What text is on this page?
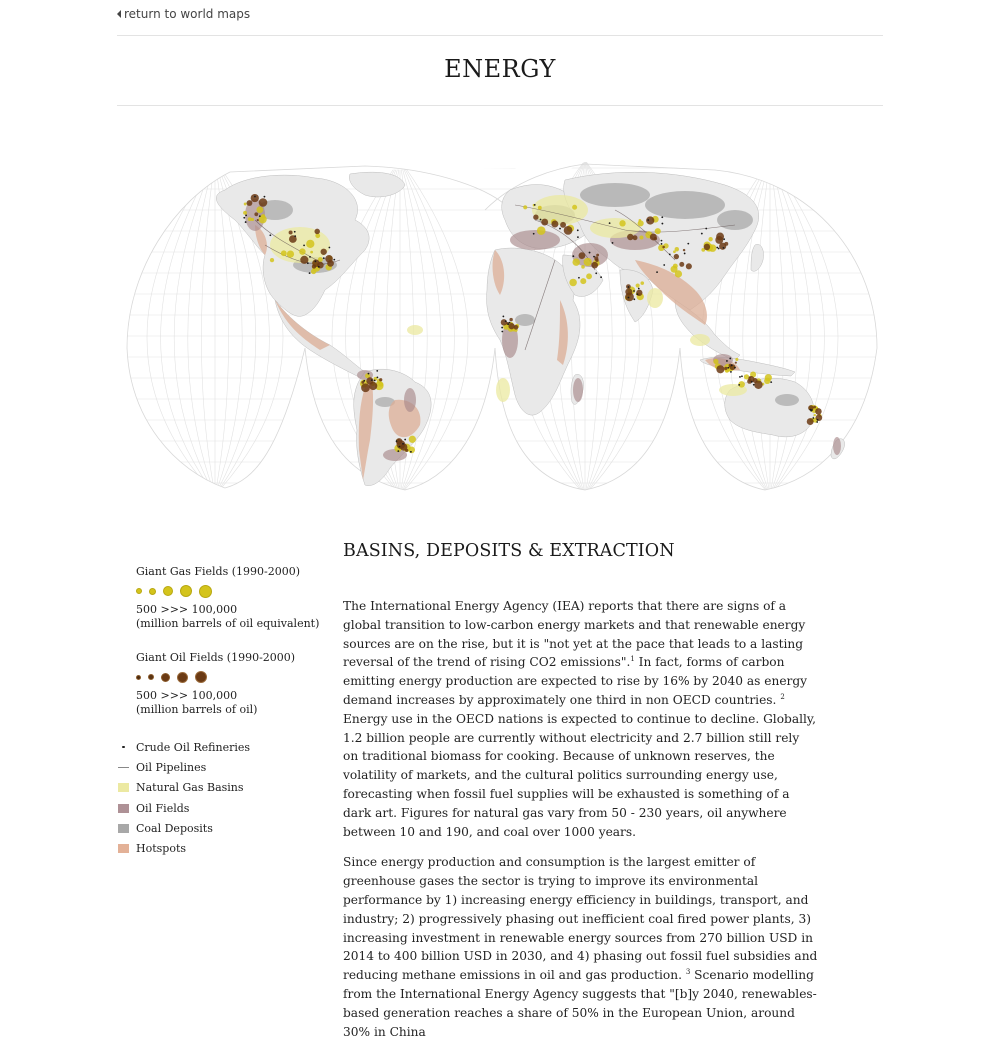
return to world maps
ENERGY
Giant Gas Fields (1990-2000)
500 >>> 100,000
(million barrels of oil equivalent)
Giant Oil Fields (1990-2000)
500 >>> 100,000
(million barrels of oil)
Crude Oil Refineries
Oil Pipelines
Natural Gas Basins
Oil Fields
Coal Deposits
Hotspots
BASINS, DEPOSITS & EXTRACTION

The International Energy Agency (IEA) reports that there are signs of a global transition to low-carbon energy markets and that renewable energy sources are on the rise, but it is "not yet at the pace that leads to a lasting reversal of the trend of rising CO2 emissions".$^1$ In fact, forms of carbon emitting energy production are expected to rise by 16% by 2040 as energy demand increases by approximately one third in non OECD countries. $^2$ Energy use in the OECD nations is expected to continue to decline. Globally, 1.2 billion people are currently without electricity and 2.7 billion still rely on traditional biomass for cooking. Because of unknown reserves, the volatility of markets, and the cultural politics surrounding energy use, forecasting when fossil fuel supplies will be exhausted is something of a dark art. Figures for natural gas vary from 50 - 230 years, oil anywhere between 10 and 190, and coal over 1000 years.

Since energy production and consumption is the largest emitter of greenhouse gases the sector is trying to improve its environmental performance by 1) increasing energy efficiency in buildings, transport, and industry; 2) progressively phasing out inefficient coal fired power plants, 3) increasing investment in renewable energy sources from 270 billion USD in 2014 to 400 billion USD in 2030, and 4) phasing out fossil fuel subsidies and reducing methane emissions in oil and gas production. $^3$ Scenario modelling from the International Energy Agency suggests that "[b]y 2040, renewables-based generation reaches a share of 50% in the European Union, around 30% in China
